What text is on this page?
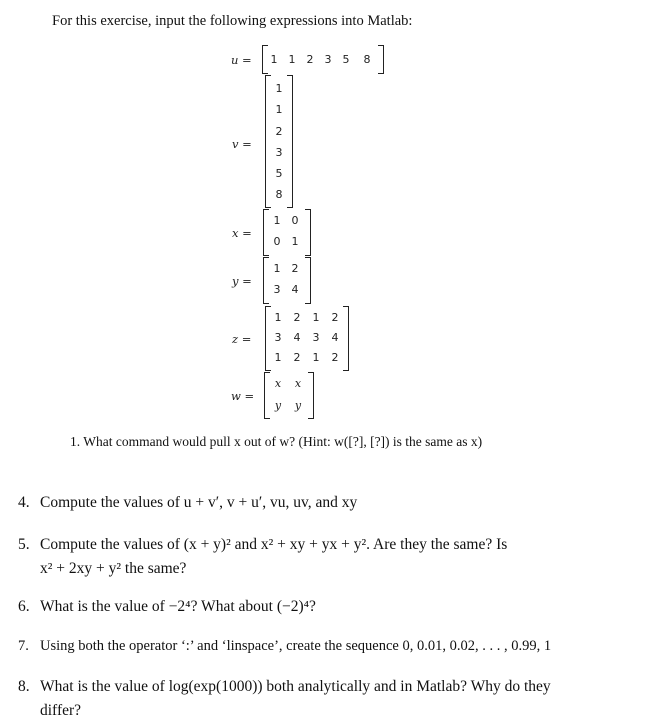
For this exercise, input the following expressions into Matlab:
u =	1	1	2	3	5	8
v =
1
1
2
3
5
8
x =
1	0
0	1
y =
1	2
3	4
z =
1	2	1	2
3	4	3	4
1	2	1	2
w =
x	x
y	y
1. What command would pull x out of w? (Hint: w([?], [?]) is the same as x)
4. Compute the values of u + v′, v + u′, vu, uv, and xy
5. Compute the values of (x + y)² and x² + xy + yx + y². Are they the same? Is
x² + 2xy + y² the same?
6. What is the value of −2⁴? What about (−2)⁴?
7. Using both the operator ‘:’ and ‘linspace’, create the sequence 0, 0.01, 0.02, . . . , 0.99, 1
8. What is the value of log(exp(1000)) both analytically and in Matlab? Why do they
differ?
